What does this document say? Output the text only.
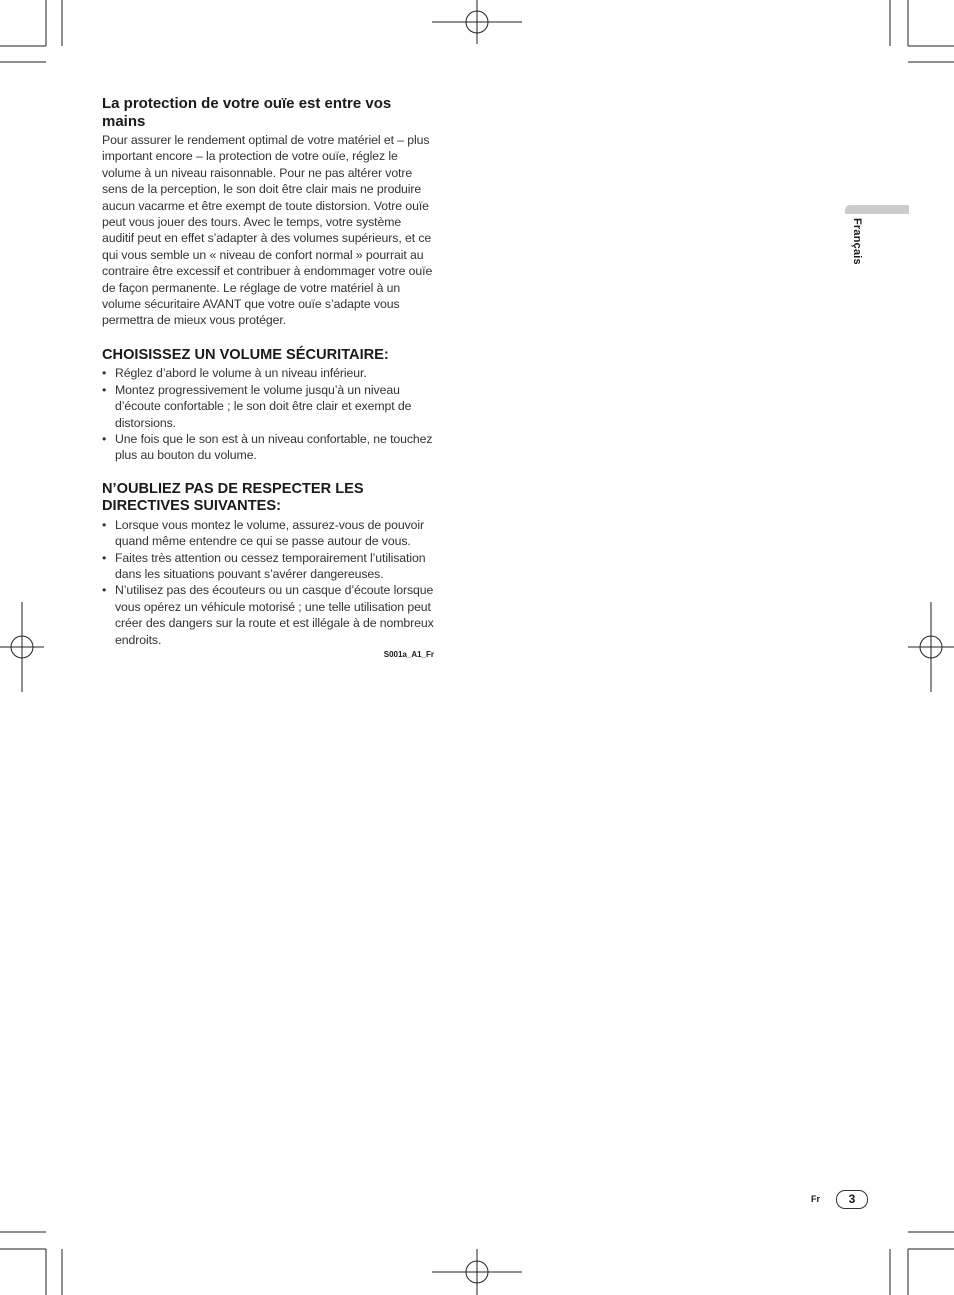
La protection de votre ouïe est entre vos mains

Pour assurer le rendement optimal de votre matériel et – plus important encore – la protection de votre ouïe, réglez le volume à un niveau raisonnable. Pour ne pas altérer votre sens de la perception, le son doit être clair mais ne produire aucun vacarme et être exempt de toute distorsion. Votre ouïe peut vous jouer des tours. Avec le temps, votre système auditif peut en effet s’adapter à des volumes supérieurs, et ce qui vous semble un « niveau de confort normal » pourrait au contraire être excessif et contribuer à endommager votre ouïe de façon permanente. Le réglage de votre matériel à un volume sécuritaire AVANT que votre ouïe s’adapte vous permettra de mieux vous protéger.

CHOISISSEZ UN VOLUME SÉCURITAIRE:
• Réglez d’abord le volume à un niveau inférieur.
• Montez progressivement le volume jusqu’à un niveau d’écoute confortable ; le son doit être clair et exempt de distorsions.
• Une fois que le son est à un niveau confortable, ne touchez plus au bouton du volume.
N’OUBLIEZ PAS DE RESPECTER LES DIRECTIVES SUIVANTES:
• Lorsque vous montez le volume, assurez-vous de pouvoir quand même entendre ce qui se passe autour de vous.
• Faites très attention ou cessez temporairement l’utilisation dans les situations pouvant s’avérer dangereuses.
• N’utilisez pas des écouteurs ou un casque d’écoute lorsque vous opérez un véhicule motorisé ; une telle utilisation peut créer des dangers sur la route et est illégale à de nombreux endroits.
S001a_A1_Fr
Français
Fr	3
